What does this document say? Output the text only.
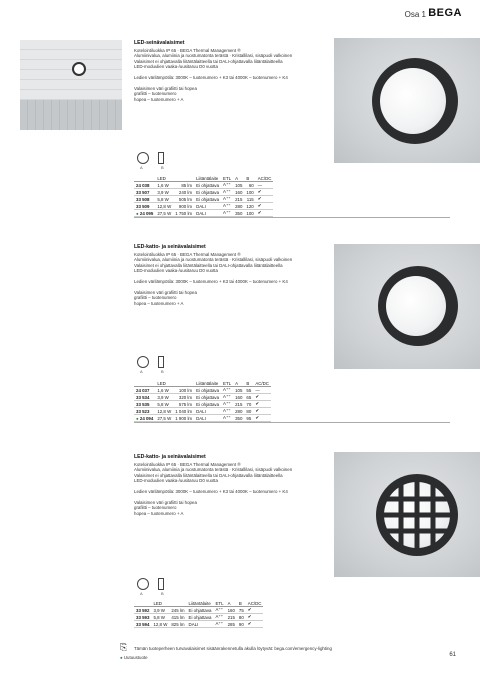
Osa 1 BEGA
LED-seinävalaisimet
Kotelointiluokka IP 65 · BEGA Thermal Management ®
Alumiinivalua, alumiinia ja ruostumatonta terästä · Kristallilasi, sisäpuoli valkoinen
Valaisimet ei ohjattavalla liitäntälaitteella tai DALI-ohjattavalla liitäntälaitteella
LED-moduulien vaaka-/uusitaruu D0 vuotta
Ledien värilämpötila: 3000K – tuotenumero + K3 tai 4000K – tuotenumero + K4
Valaisimen väri grafiitti tai hopea
grafiitti – tuotenumero
hopea – tuotenumero + A
A	B
	LED		Liitäntälaite	ETL	A	B	AC/DC
24 038	1,6 W	85 lm	Ei ohjattava	A⁺⁺	105	60	—
33 507	3,9 W	240 lm	Ei ohjattava	A⁺⁺	160	100	✔
33 508	5,8 W	505 lm	Ei ohjattava	A⁺⁺	215	115	✔
33 509	12,8 W	900 lm	DALI	A⁺⁺	280	120	✔
● 24 095	27,5 W	1 750 lm	DALI	A⁺⁺	350	100	✔
LED-katto- ja seinävalaisimet
Kotelointiluokka IP 65 · BEGA Thermal Management ®
Alumiinivalua, alumiinia ja ruostumatonta terästä · Kristallilasi, sisäpuoli valkoinen
Valaisimet ei ohjattavalla liitäntälaitteella tai DALI-ohjattavalla liitäntälaitteella
LED-moduulien vaaka-/uusitaruu D0 vuotta
Ledien värilämpötila: 3000K – tuotenumero + K3 tai 4000K – tuotenumero + K4
Valaisimen väri grafiitti tai hopea
grafiitti – tuotenumero
hopea – tuotenumero + A
A	B
	LED		Liitäntälaite	ETL	A	B	AC/DC
24 037	1,6 W	100 lm	Ei ohjattava	A⁺⁺	105	55	—
33 534	3,9 W	320 lm	Ei ohjattava	A⁺⁺	160	65	✔
33 535	5,8 W	575 lm	Ei ohjattava	A⁺⁺	215	70	✔
33 523	12,8 W	1 040 lm	DALI	A⁺⁺	280	80	✔
● 24 094	27,5 W	1 900 lm	DALI	A⁺⁺	350	95	✔
LED-katto- ja seinävalaisimet
Kotelointiluokka IP 65 · BEGA Thermal Management ®
Alumiinivalua, alumiinia ja ruostumatonta terästä · Kristallilasi, sisäpuoli valkoinen
Valaisimet ei ohjattavalla liitäntälaitteella tai DALI-ohjattavalla liitäntälaitteella
LED-moduulien vaaka-/uusitaruu D0 vuotta
Ledien värilämpötila: 3000K – tuotenumero + K3 tai 4000K – tuotenumero + K4
Valaisimen väri grafiitti tai hopea
grafiitti – tuotenumero
hopea – tuotenumero + A
A	B
	LED		Liitäntälaite	ETL	A	B	AC/DC
33 592	3,9 W	245 lm	Ei ohjattava	A⁺⁺	160	75	✔
33 593	5,8 W	415 lm	Ei ohjattava	A⁺⁺	215	80	✔
33 594	12,8 W	825 lm	DALI	A⁺⁺	285	90	✔
⎘ Tämän tuoteperheen turvavalaisimet sisäänrakennetulla akulla löytyvät: bega.com/emergency-lighting
● Uutuustuote	61
